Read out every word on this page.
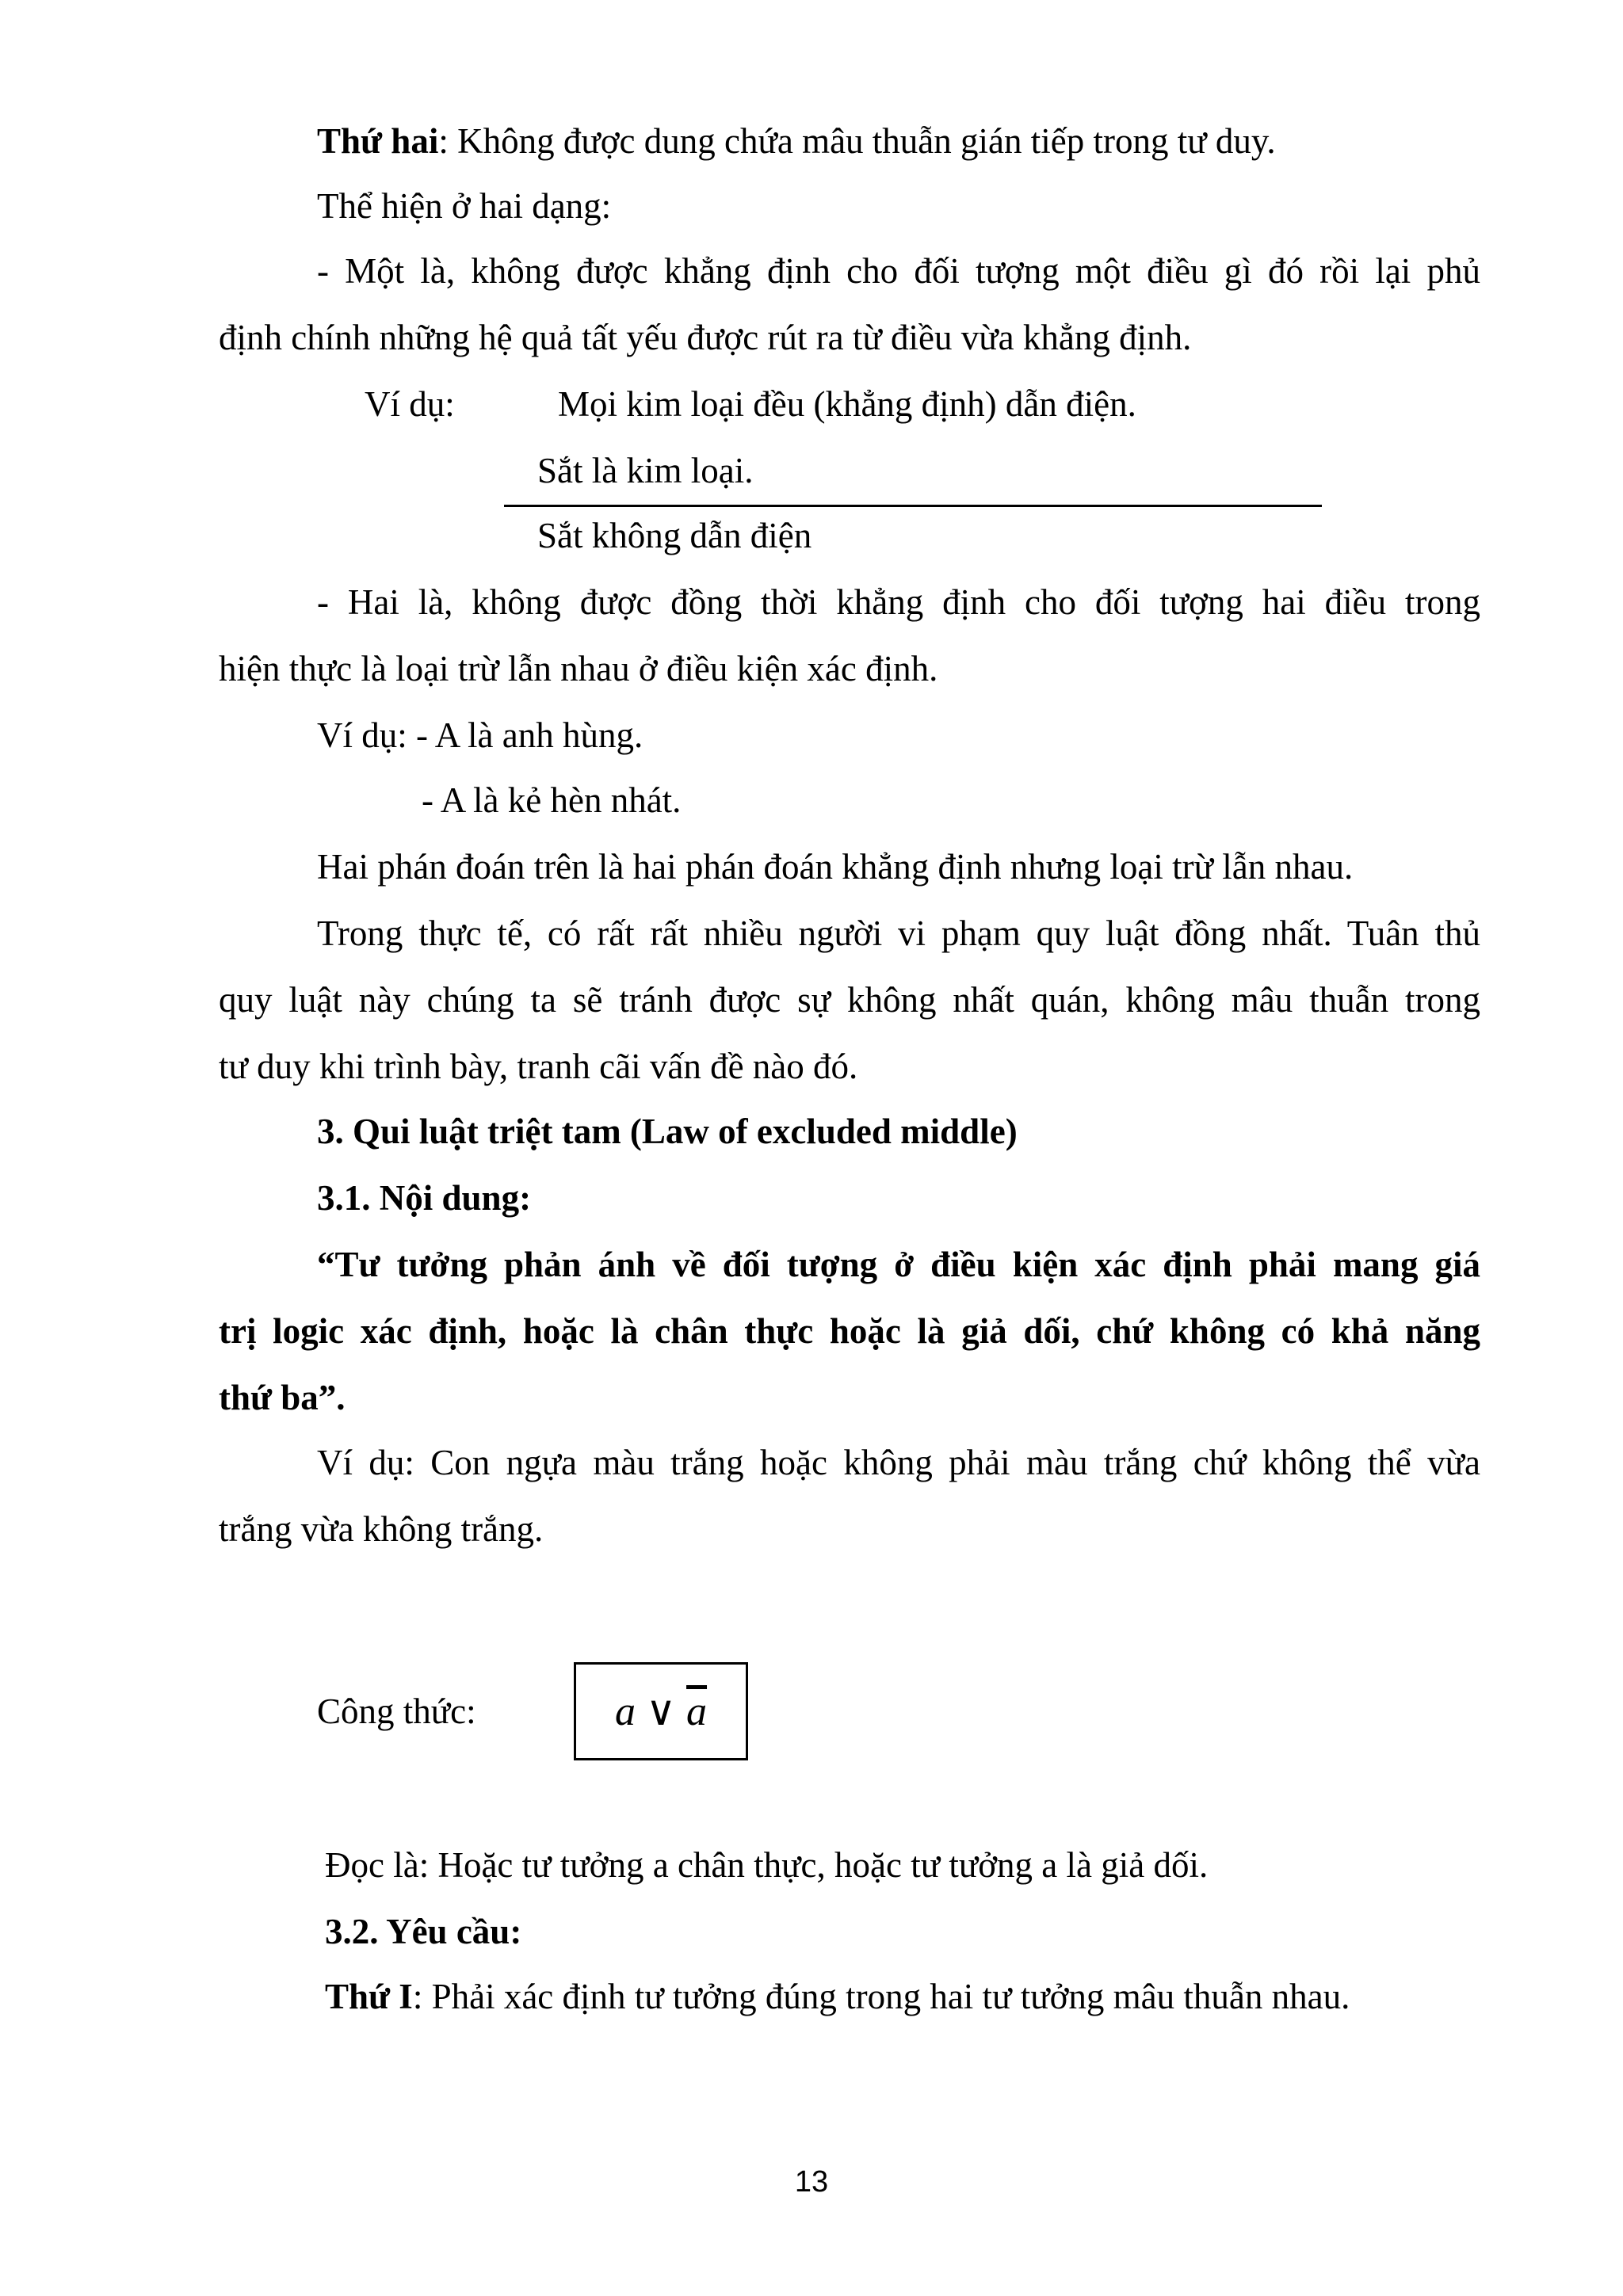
Thứ hai: Không được dung chứa mâu thuẫn gián tiếp trong tư duy.
Thể hiện ở hai dạng:
- Một là, không được khẳng định cho đối tượng một điều gì đó rồi lại phủ
định chính những hệ quả tất yếu được rút ra từ điều vừa khẳng định.
Ví dụ:	Mọi kim loại đều (khẳng định) dẫn điện.
Sắt là kim loại.
Sắt không dẫn điện
- Hai là, không được đồng thời khẳng định cho đối tượng hai điều trong
hiện thực là loại trừ lẫn nhau ở điều kiện xác định.
Ví dụ: - A là anh hùng.
- A là kẻ hèn nhát.
Hai phán đoán trên là hai phán đoán khẳng định nhưng loại trừ lẫn nhau.
Trong thực tế, có rất rất nhiều người vi phạm quy luật đồng nhất. Tuân thủ
quy luật này chúng ta sẽ tránh được sự không nhất quán, không mâu thuẫn trong
tư duy khi trình bày, tranh cãi vấn đề nào đó.
3. Qui luật triệt tam (Law of excluded middle)
3.1. Nội dung:
“Tư tưởng phản ánh về đối tượng ở điều kiện xác định phải mang giá
trị logic xác định, hoặc là chân thực hoặc là giả dối, chứ không có khả năng
thứ ba”.
Ví dụ: Con ngựa màu trắng hoặc không phải màu trắng chứ không thể vừa
trắng vừa không trắng.
Công thức:	a ∨ $\overline{a}$
Đọc là: Hoặc tư tưởng a chân thực, hoặc tư tưởng a là giả dối.
3.2. Yêu cầu:
Thứ I: Phải xác định tư tưởng đúng trong hai tư tưởng mâu thuẫn nhau.
13
